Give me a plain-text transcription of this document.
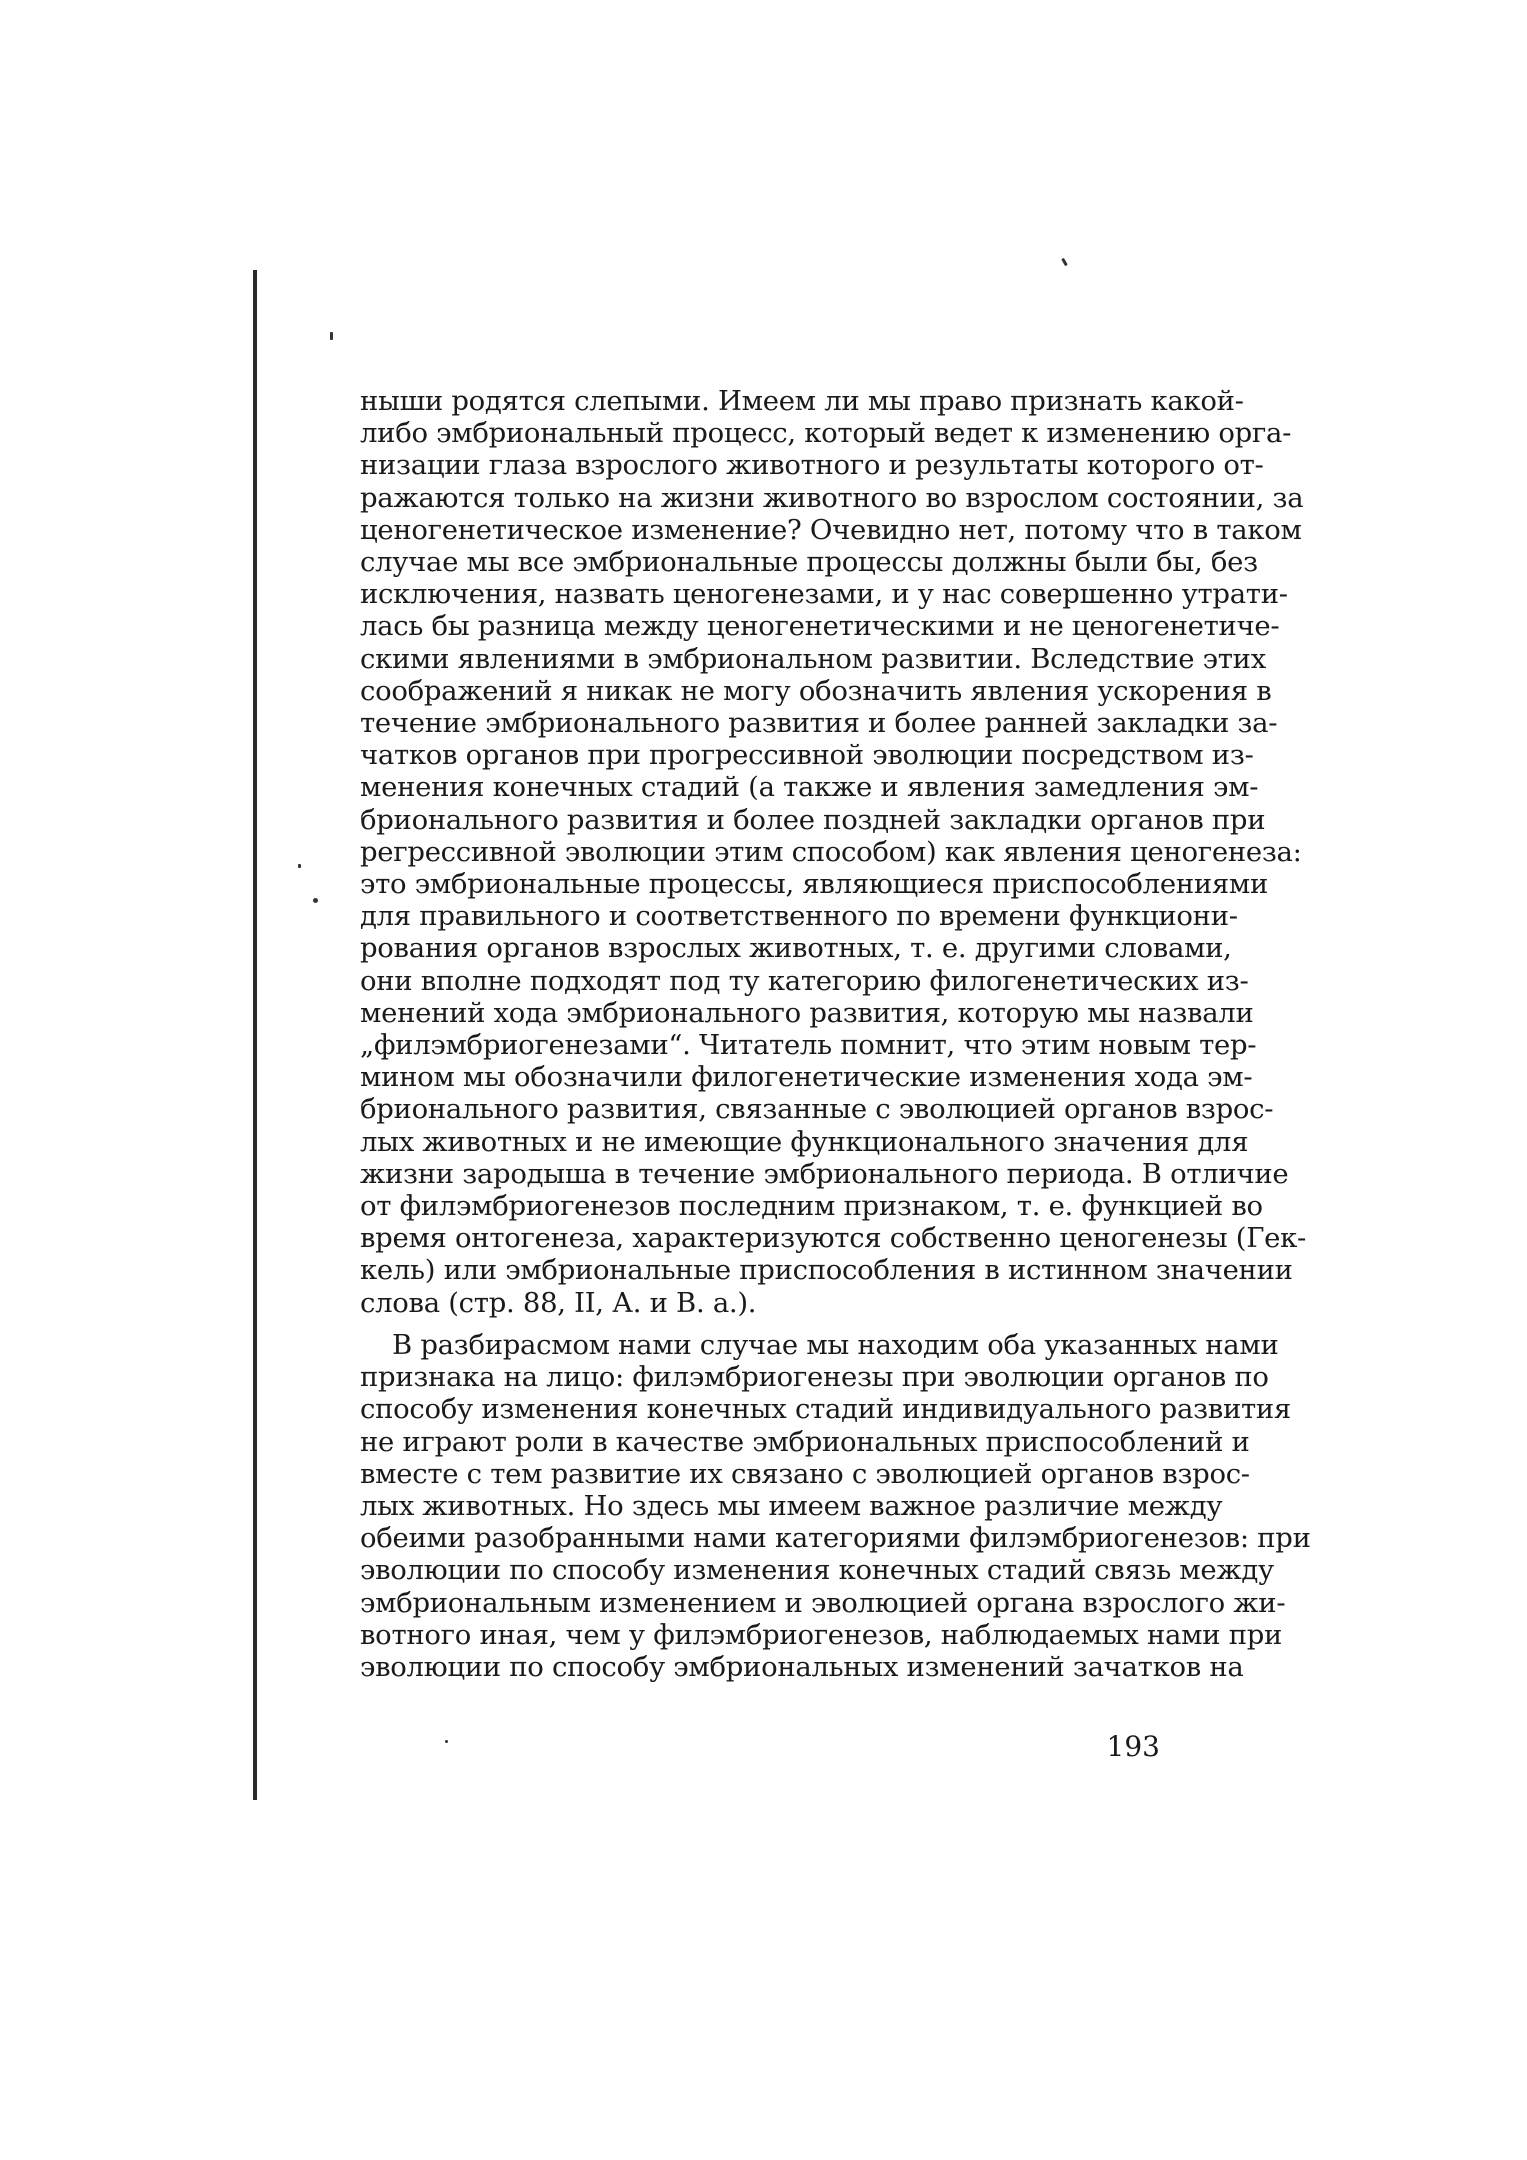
ныши родятся слепыми. Имеем ли мы право признать какой-
либо эмбриональный процесс, который ведет к изменению орга-
низации глаза взрослого животного и результаты которого от-
ражаются только на жизни животного во взрослом состоянии, за
ценогенетическое изменение? Очевидно нет, потому что в таком
случае мы все эмбриональные процессы должны были бы, без
исключения, назвать ценогенезами, и у нас совершенно утрати-
лась бы разница между ценогенетическими и не ценогенетиче-
скими явлениями в эмбриональном развитии. Вследствие этих
соображений я никак не могу обозначить явления ускорения в
течение эмбрионального развития и более ранней закладки за-
чатков органов при прогрессивной эволюции посредством из-
менения конечных стадий (а также и явления замедления эм-
брионального развития и более поздней закладки органов при
регрессивной эволюции этим способом) как явления ценогенеза:
это эмбриональные процессы, являющиеся приспособлениями
для правильного и соответственного по времени функциони-
рования органов взрослых животных, т. е. другими словами,
они вполне подходят под ту категорию филогенетических из-
менений хода эмбрионального развития, которую мы назвали
„филэмбриогенезами“. Читатель помнит, что этим новым тер-
мином мы обозначили филогенетические изменения хода эм-
брионального развития, связанные с эволюцией органов взрос-
лых животных и не имеющие функционального значения для
жизни зародыша в течение эмбрионального периода. В отличие
от филэмбриогенезов последним признаком, т. е. функцией во
время онтогенеза, характеризуются собственно ценогенезы (Гек-
кель) или эмбриональные приспособления в истинном значении
слова (стр. 88, II, А. и В. а.).
В разбирасмом нами случае мы находим оба указанных нами
признака на лицо: филэмбриогенезы при эволюции органов по
способу изменения конечных стадий индивидуального развития
не играют роли в качестве эмбриональных приспособлений и
вместе с тем развитие их связано с эволюцией органов взрос-
лых животных. Но здесь мы имеем важное различие между
обеими разобранными нами категориями филэмбриогенезов: при
эволюции по способу изменения конечных стадий связь между
эмбриональным изменением и эволюцией органа взрослого жи-
вотного иная, чем у филэмбриогенезов, наблюдаемых нами при
эволюции по способу эмбриональных изменений зачатков на
193
